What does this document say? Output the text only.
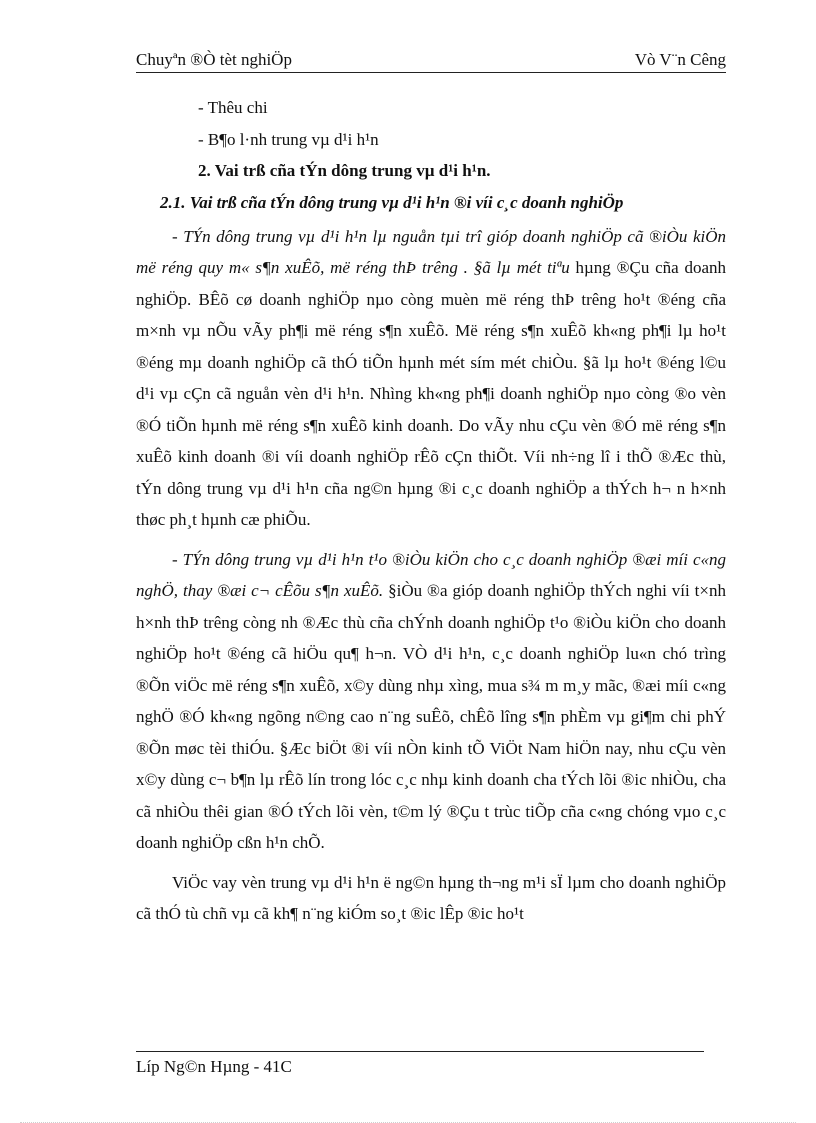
Chuyªn ®Ò tèt nghiÖp	Vò V¨n Cêng
- Thêu chi
- B¶o l·nh trung vµ d¹i h¹n
2. Vai trß cña tÝn dông trung vµ d¹i h¹n.
2.1. Vai trß cña tÝn dông trung vµ d¹i h¹n ®i víi c¸c doanh nghiÖp

- TÝn dông trung vµ d¹i h¹n lµ nguån tµi trî gióp doanh nghiÖp cã ®iÒu kiÖn më réng quy m« s¶n xuÊõ, më réng thÞ trêng . §ã lµ mét tiªu hµng ®Çu cña doanh nghiÖp. BÊõ cø doanh nghiÖp nµo còng muèn më réng thÞ trêng ho¹t ®éng cña m×nh vµ nÕu vÃy ph¶i më réng s¶n xuÊõ. Më réng s¶n xuÊõ kh«ng ph¶i lµ ho¹t ®éng mµ doanh nghiÖp cã thÓ tiÕn hµnh mét sím mét chiÒu. §ã lµ ho¹t ®éng l©u d¹i vµ cÇn cã nguån vèn d¹i h¹n. Nhìng kh«ng ph¶i doanh nghiÖp nµo còng ®o vèn ®Ó tiÕn hµnh më réng s¶n xuÊõ kinh doanh. Do vÃy nhu cÇu vèn ®Ó më réng s¶n xuÊõ kinh doanh ®i víi doanh nghiÖp rÊõ cÇn thiÕt. Víi nh÷ng lî i thÕ ®Æc thù, tÝn dông trung vµ d¹i h¹n cña ng©n hµng ®i c¸c doanh nghiÖp a thÝch h¬ n h×nh thøc ph¸t hµnh cæ phiÕu.

- TÝn dông trung vµ d¹i h¹n t¹o ®iÒu kiÖn cho c¸c doanh nghiÖp ®æi míi c«ng nghÖ, thay ®æi c¬ cÊõu s¶n xuÊõ. §iÒu ®a gióp doanh nghiÖp thÝch nghi víi t×nh h×nh thÞ trêng còng nh ®Æc thù cña chÝnh doanh nghiÖp t¹o ®iÒu kiÖn cho doanh nghiÖp ho¹t ®éng cã hiÖu qu¶ h¬n. VÒ d¹i h¹n, c¸c doanh nghiÖp lu«n chó trìng ®Õn viÖc më réng s¶n xuÊõ, x©y dùng nhµ xìng, mua s¾ m m¸y mãc, ®æi míi c«ng nghÖ ®Ó kh«ng ngõng n©ng cao n¨ng suÊõ, chÊõ lîng s¶n phÈm vµ gi¶m chi phÝ ®Õn møc tèi thiÓu. §Æc biÖt ®i víi nÒn kinh tÕ ViÖt Nam hiÖn nay, nhu cÇu vèn x©y dùng c¬ b¶n lµ rÊõ lín trong lóc c¸c nhµ kinh doanh cha tÝch lõi ®ic nhiÒu, cha cã nhiÒu thêi gian ®Ó tÝch lõi vèn, t©m lý ®Çu t trùc tiÕp cña c«ng chóng vµo c¸c doanh nghiÖp cßn h¹n chÕ.

ViÖc vay vèn trung vµ d¹i h¹n ë ng©n hµng th¬ng m¹i sÏ lµm cho doanh nghiÖp cã thÓ tù chñ vµ cã kh¶ n¨ng kiÓm so¸t ®ic lÊp ®ic ho¹t

Líp Ng©n Hµng - 41C
